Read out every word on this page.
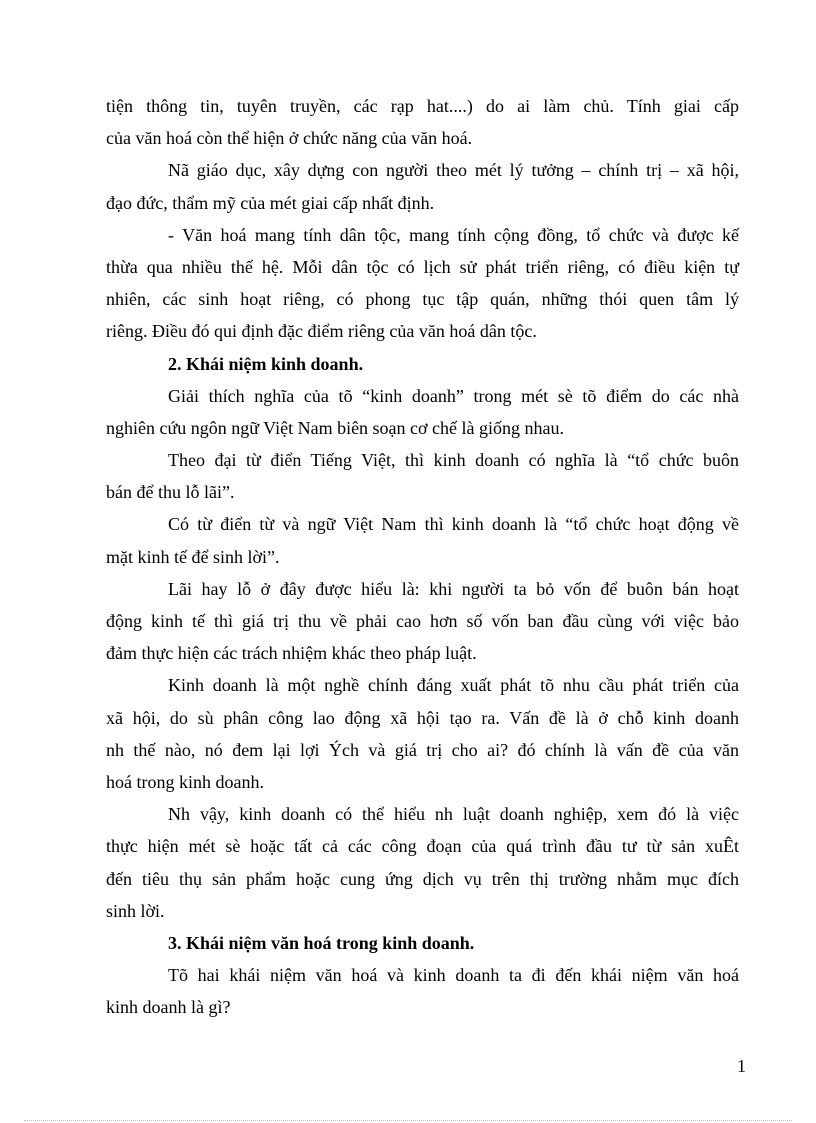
tiện thông tin, tuyên truyền, các rạp hat....) do ai làm chủ. Tính giai cấp
của văn hoá còn thể hiện ở chức năng của văn hoá.
Nã giáo dục, xây dựng con người theo mét lý tưởng – chính trị – xã hội,
đạo đức, thẩm mỹ của mét giai cấp nhất định.
- Văn hoá mang tính dân tộc, mang tính cộng đồng, tổ chức và được kế
thừa qua nhiều thế hệ. Mỗi dân tộc có lịch sử phát triển riêng, có điều kiện tự
nhiên, các sinh hoạt riêng, có phong tục tập quán, những thói quen tâm lý
riêng. Điều đó qui định đặc điểm riêng của văn hoá dân tộc.
2. Khái niệm kinh doanh.
Giải thích nghĩa của tõ “kinh doanh” trong mét sè tõ điểm do các nhà
nghiên cứu ngôn ngữ Việt Nam biên soạn cơ chế là giống nhau.
Theo đại từ điển Tiếng Việt, thì kinh doanh có nghĩa là “tổ chức buôn
bán để thu lỗ lãi”.
Có từ điển từ và ngữ Việt Nam thì kinh doanh là “tổ chức hoạt động về
mặt kinh tế để sinh lời”.
Lãi hay lỗ ở đây được hiểu là: khi người ta bỏ vốn để buôn bán hoạt
động kinh tế thì giá trị thu về phải cao hơn số vốn ban đầu cùng với việc bảo
đảm thực hiện các trách nhiệm khác theo pháp luật.
Kinh doanh là một nghề chính đáng xuất phát tõ nhu cầu phát triển của
xã hội, do sù phân công lao động xã hội tạo ra. Vấn đề là ở chỗ kinh doanh
nh thế nào, nó đem lại lợi Ých và giá trị cho ai? đó chính là vấn đề của văn
hoá trong kinh doanh.
Nh vậy, kinh doanh có thể hiểu nh luật doanh nghiệp, xem đó là việc
thực hiện mét sè hoặc tất cả các công đoạn của quá trình đầu tư từ sản xuÊt
đến tiêu thụ sản phẩm hoặc cung ứng dịch vụ trên thị trường nhằm mục đích
sinh lời.
3. Khái niệm văn hoá trong kinh doanh.
Tõ hai khái niệm văn hoá và kinh doanh ta đi đến khái niệm văn hoá
kinh doanh là gì?
1
